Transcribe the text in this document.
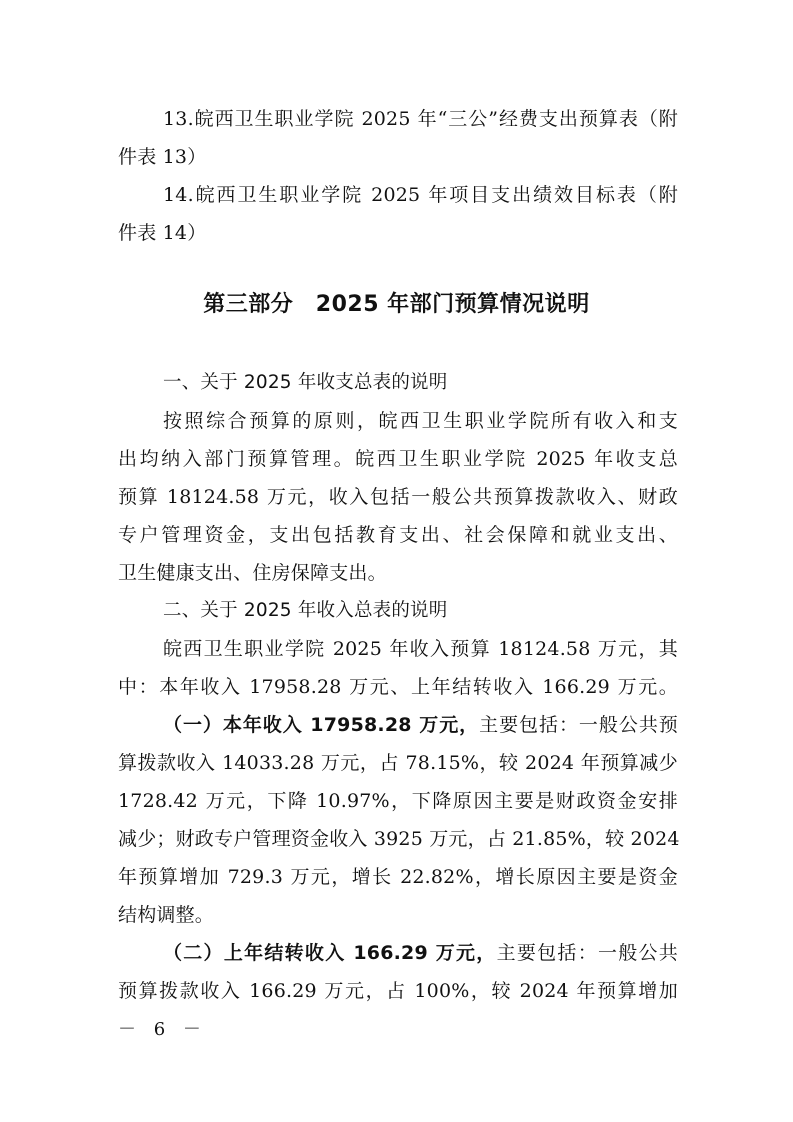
13.皖西卫生职业学院 2025 年“三公”经费支出预算表（附
件表 13）
14.皖西卫生职业学院 2025 年项目支出绩效目标表（附
件表 14）
第三部分　2025 年部门预算情况说明
一、关于 2025 年收支总表的说明
按照综合预算的原则，皖西卫生职业学院所有收入和支
出均纳入部门预算管理。皖西卫生职业学院 2025 年收支总
预算 18124.58 万元，收入包括一般公共预算拨款收入、财政
专户管理资金，支出包括教育支出、社会保障和就业支出、
卫生健康支出、住房保障支出。
二、关于 2025 年收入总表的说明
皖西卫生职业学院 2025 年收入预算 18124.58 万元，其
中：本年收入 17958.28 万元、上年结转收入 166.29 万元。
（一）本年收入 17958.28 万元，主要包括：一般公共预
算拨款收入 14033.28 万元，占 78.15%，较 2024 年预算减少
1728.42 万元，下降 10.97%，下降原因主要是财政资金安排
减少；财政专户管理资金收入 3925 万元，占 21.85%，较 2024
年预算增加 729.3 万元，增长 22.82%，增长原因主要是资金
结构调整。
（二）上年结转收入 166.29 万元，主要包括：一般公共
预算拨款收入 166.29 万元，占 100%，较 2024 年预算增加
－ 6 －
